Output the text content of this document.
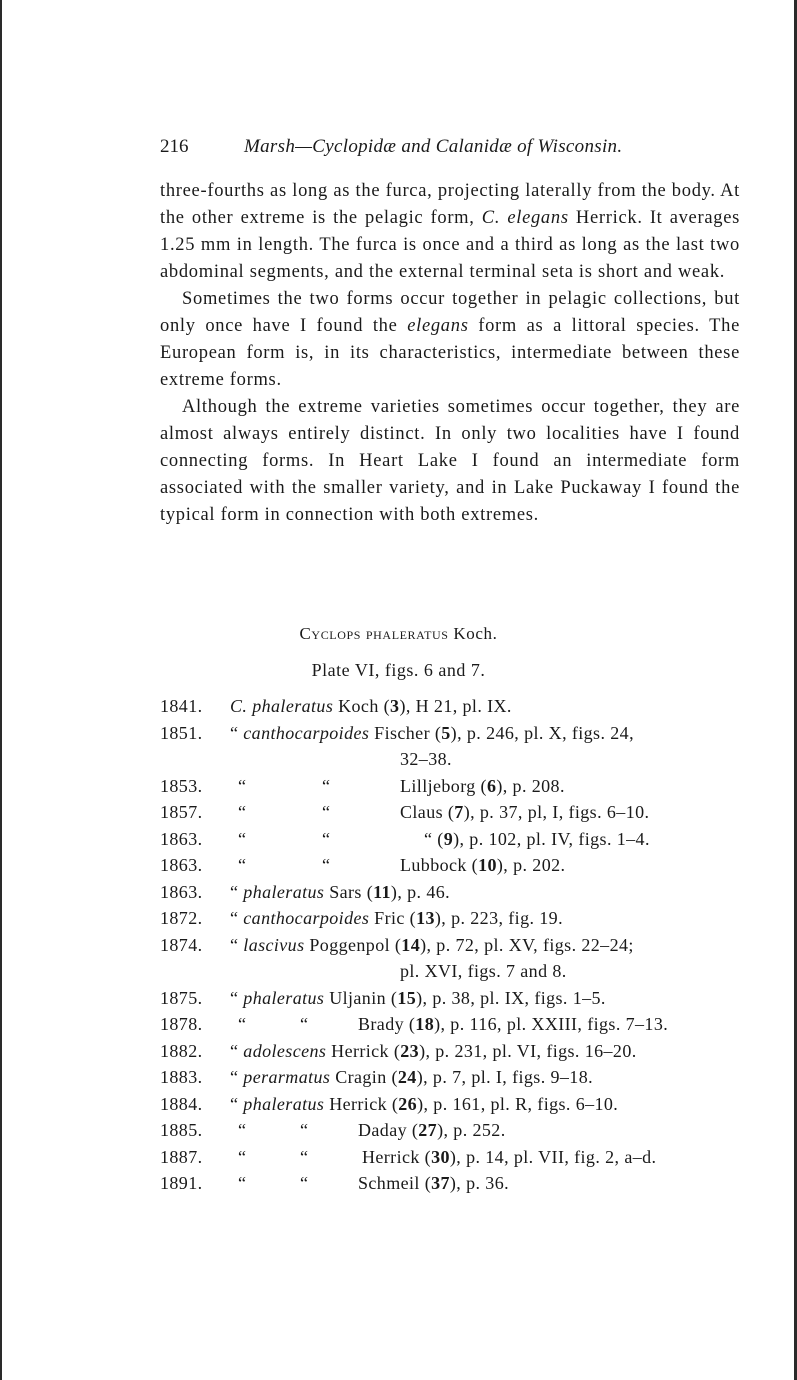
216	Marsh—Cyclopidæ and Calanidæ of Wisconsin.

three-fourths as long as the furca, projecting laterally from the body. At the other extreme is the pelagic form, C. elegans Herrick. It averages 1.25 mm in length. The furca is once and a third as long as the last two abdominal segments, and the external terminal seta is short and weak.

Sometimes the two forms occur together in pelagic collections, but only once have I found the elegans form as a littoral species. The European form is, in its characteristics, intermediate between these extreme forms.

Although the extreme varieties sometimes occur together, they are almost always entirely distinct. In only two localities have I found connecting forms. In Heart Lake I found an intermediate form associated with the smaller variety, and in Lake Puckaway I found the typical form in connection with both extremes.

Cyclops phaleratus Koch.
Plate VI, figs. 6 and 7.
1841. C. phaleratus Koch (3), H 21, pl. IX.
1851. “ canthocarpoides Fischer (5), p. 246, pl. X, figs. 24,
32–38.
1853. “	“	Lilljeborg (6), p. 208.
1857. “	“	Claus (7), p. 37, pl, I, figs. 6–10.
1863. “	“	“ (9), p. 102, pl. IV, figs. 1–4.
1863. “	“	Lubbock (10), p. 202.
1863. “ phaleratus Sars (11), p. 46.
1872. “ canthocarpoides Fric (13), p. 223, fig. 19.
1874. “ lascivus Poggenpol (14), p. 72, pl. XV, figs. 22–24;
pl. XVI, figs. 7 and 8.
1875. “ phaleratus Uljanin (15), p. 38, pl. IX, figs. 1–5.
1878. “	“	Brady (18), p. 116, pl. XXIII, figs. 7–13.
1882. “ adolescens Herrick (23), p. 231, pl. VI, figs. 16–20.
1883. “ perarmatus Cragin (24), p. 7, pl. I, figs. 9–18.
1884. “ phaleratus Herrick (26), p. 161, pl. R, figs. 6–10.
1885. “	“	Daday (27), p. 252.
1887. “	“	Herrick (30), p. 14, pl. VII, fig. 2, a–d.
1891. “	“	Schmeil (37), p. 36.
